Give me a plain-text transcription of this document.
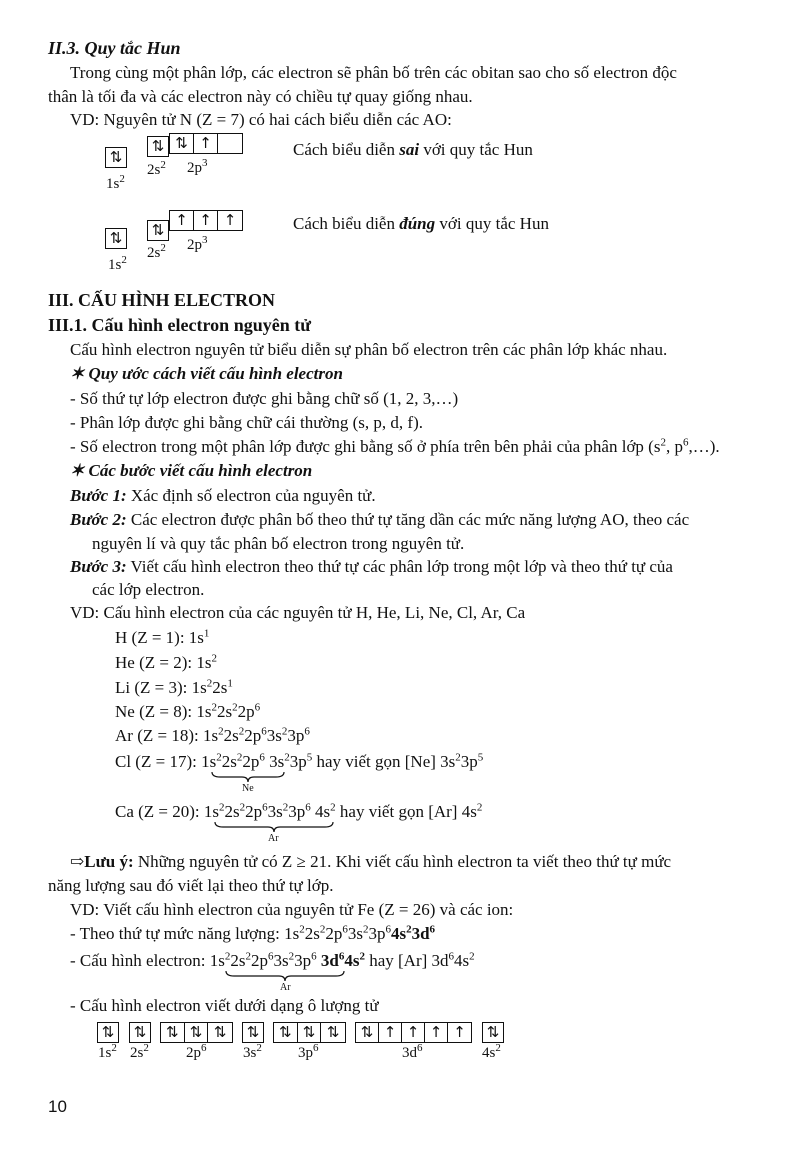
II.3. Quy tắc Hun
Trong cùng một phân lớp, các electron sẽ phân bố trên các obitan sao cho số electron độc
thân là tối đa và các electron này có chiều tự quay giống nhau.
VD: Nguyên tử N (Z = 7) có hai cách biểu diễn các AO:
⇅
$1s^2$
⇅
$2s^2$
⇅ ↑
$2p^3$
Cách biểu diễn sai với quy tắc Hun
⇅
$1s^2$
⇅
$2s^2$
↑ ↑ ↑
$2p^3$
Cách biểu diễn đúng với quy tắc Hun
III. CẤU HÌNH ELECTRON
III.1. Cấu hình electron nguyên tử
Cấu hình electron nguyên tử biểu diễn sự phân bố electron trên các phân lớp khác nhau.
✶ Quy ước cách viết cấu hình electron
- Số thứ tự lớp electron được ghi bằng chữ số (1, 2, 3,…)
- Phân lớp được ghi bằng chữ cái thường (s, p, d, f).
- Số electron trong một phân lớp được ghi bằng số ở phía trên bên phải của phân lớp ($s^2$, $p^6,\dots$).
✶ Các bước viết cấu hình electron
Bước 1: Xác định số electron của nguyên tử.
Bước 2: Các electron được phân bố theo thứ tự tăng dần các mức năng lượng AO, theo các
nguyên lí và quy tắc phân bố electron trong nguyên tử.
Bước 3: Viết cấu hình electron theo thứ tự các phân lớp trong một lớp và theo thứ tự của
các lớp electron.
VD: Cấu hình electron của các nguyên tử H, He, Li, Ne, Cl, Ar, Ca
H (Z = 1): $1s^1$
He (Z = 2): $1s^2$
Li (Z = 3): $1s^22s^1$
Ne (Z = 8): $1s^22s^22p^6$
Ar (Z = 18): $1s^22s^22p^63s^23p^6$
Cl (Z = 17): $1s^22s^22p^6$ $3s^23p^5$ hay viết gọn [Ne] $3s^23p^5$
Ne
Ca (Z = 20): $1s^22s^22p^63s^23p^6$ $4s^2$ hay viết gọn [Ar] $4s^2$
Ar
⇨Lưu ý: Những nguyên tử có Z ≥ 21. Khi viết cấu hình electron ta viết theo thứ tự mức
năng lượng sau đó viết lại theo thứ tự lớp.
VD: Viết cấu hình electron của nguyên tử Fe (Z = 26) và các ion:
- Theo thứ tự mức năng lượng: $1s^22s^22p^63s^23p^64s^23d^6$
- Cấu hình electron: $1s^22s^22p^63s^23p^6$ $3d^64s^2$ hay [Ar] $3d^64s^2$
Ar
- Cấu hình electron viết dưới dạng ô lượng tử
⇅ ⇅	⇅ ⇅ ⇅	⇅	⇅ ⇅ ⇅	⇅ ↑ ↑ ↑ ↑	⇅
$1s^2$ $2s^2$ $2p^6$ $3s^2$ $3p^6$	$3d^6$	$4s^2$
10
